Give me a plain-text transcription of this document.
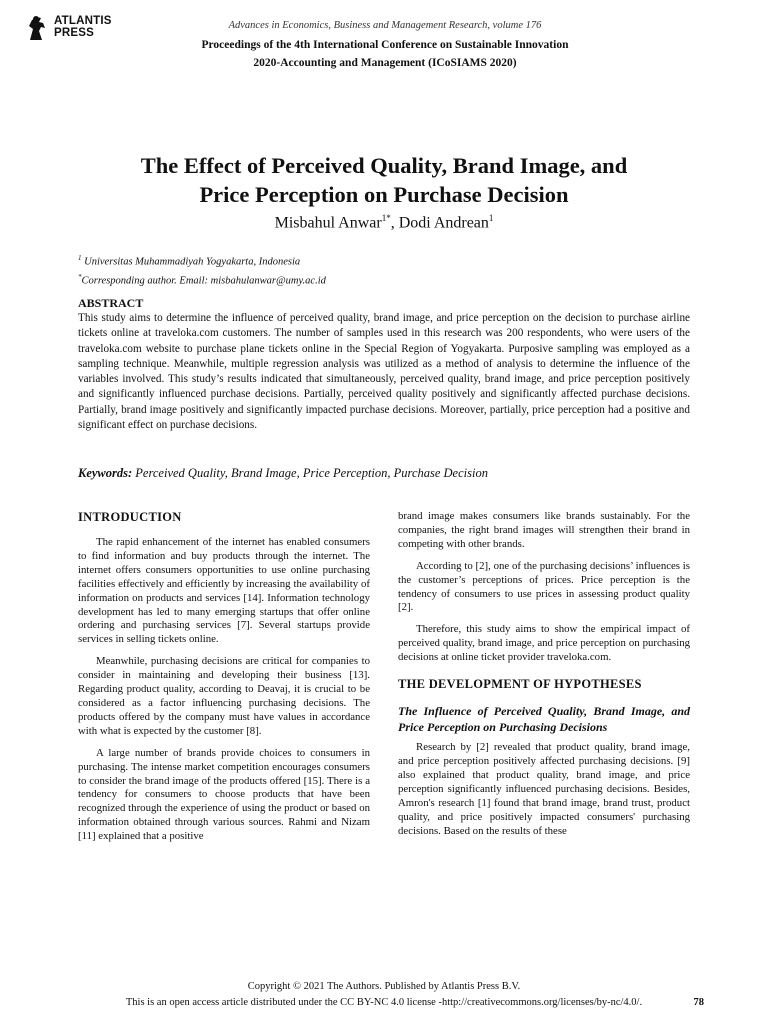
ATLANTIS
PRESS
Advances in Economics, Business and Management Research, volume 176
Proceedings of the 4th International Conference on Sustainable Innovation
2020-Accounting and Management (ICoSIAMS 2020)
The Effect of Perceived Quality, Brand Image, and
Price Perception on Purchase Decision
Misbahul Anwar$^{1*}$, Dodi Andrean$^1$
$^1$ Universitas Muhammadiyah Yogyakarta, Indonesia
*Corresponding author. Email: misbahulanwar@umy.ac.id
ABSTRACT
This study aims to determine the influence of perceived quality, brand image, and price perception on the decision to purchase airline tickets online at traveloka.com customers. The number of samples used in this research was 200 respondents, who were users of the traveloka.com website to purchase plane tickets online in the Special Region of Yogyakarta. Purposive sampling was employed as a sampling technique. Meanwhile, multiple regression analysis was utilized as a method of analysis to determine the influence of the variables involved. This study’s results indicated that simultaneously, perceived quality, brand image, and price perception positively and significantly influenced purchase decisions. Partially, perceived quality positively and significantly affected purchase decisions. Partially, brand image positively and significantly impacted purchase decisions. Moreover, partially, price perception had a positive and significant effect on purchase decisions.
Keywords: Perceived Quality, Brand Image, Price Perception, Purchase Decision
INTRODUCTION

The rapid enhancement of the internet has enabled consumers to find information and buy products through the internet. The internet offers consumers opportunities to use online purchasing facilities effectively and efficiently by increasing the availability of information on products and services [14]. Information technology development has led to many emerging startups that offer online ordering and purchasing services [7]. Several startups provide services in selling tickets online.

Meanwhile, purchasing decisions are critical for companies to consider in maintaining and developing their business [13]. Regarding product quality, according to Deavaj, it is crucial to be considered as a factor influencing purchasing decisions. The products offered by the company must have values in accordance with what is expected by the customer [8].

A large number of brands provide choices to consumers in purchasing. The intense market competition encourages consumers to consider the brand image of the products offered [15]. There is a tendency for consumers to choose products that have been recognized through the experience of using the product or based on information obtained through various sources. Rahmi and Nizam [11] explained that a positive

brand image makes consumers like brands sustainably. For the companies, the right brand images will strengthen their brand in competing with other brands.

According to [2], one of the purchasing decisions’ influences is the customer’s perceptions of prices. Price perception is the tendency of consumers to use prices in assessing product quality [2].

Therefore, this study aims to show the empirical impact of perceived quality, brand image, and price perception on purchasing decisions at online ticket provider traveloka.com.

THE DEVELOPMENT OF HYPOTHESES
The Influence of Perceived Quality, Brand Image, and Price Perception on Purchasing Decisions

Research by [2] revealed that product quality, brand image, and price perception positively affected purchasing decisions. [9] also explained that product quality, brand image, and price perception significantly influenced purchasing decisions. Besides, Amron's research [1] found that brand image, brand trust, product quality, and price positively impacted consumers' purchasing decisions. Based on the results of these

Copyright © 2021 The Authors. Published by Atlantis Press B.V.
This is an open access article distributed under the CC BY-NC 4.0 license -http://creativecommons.org/licenses/by-nc/4.0/.	78
